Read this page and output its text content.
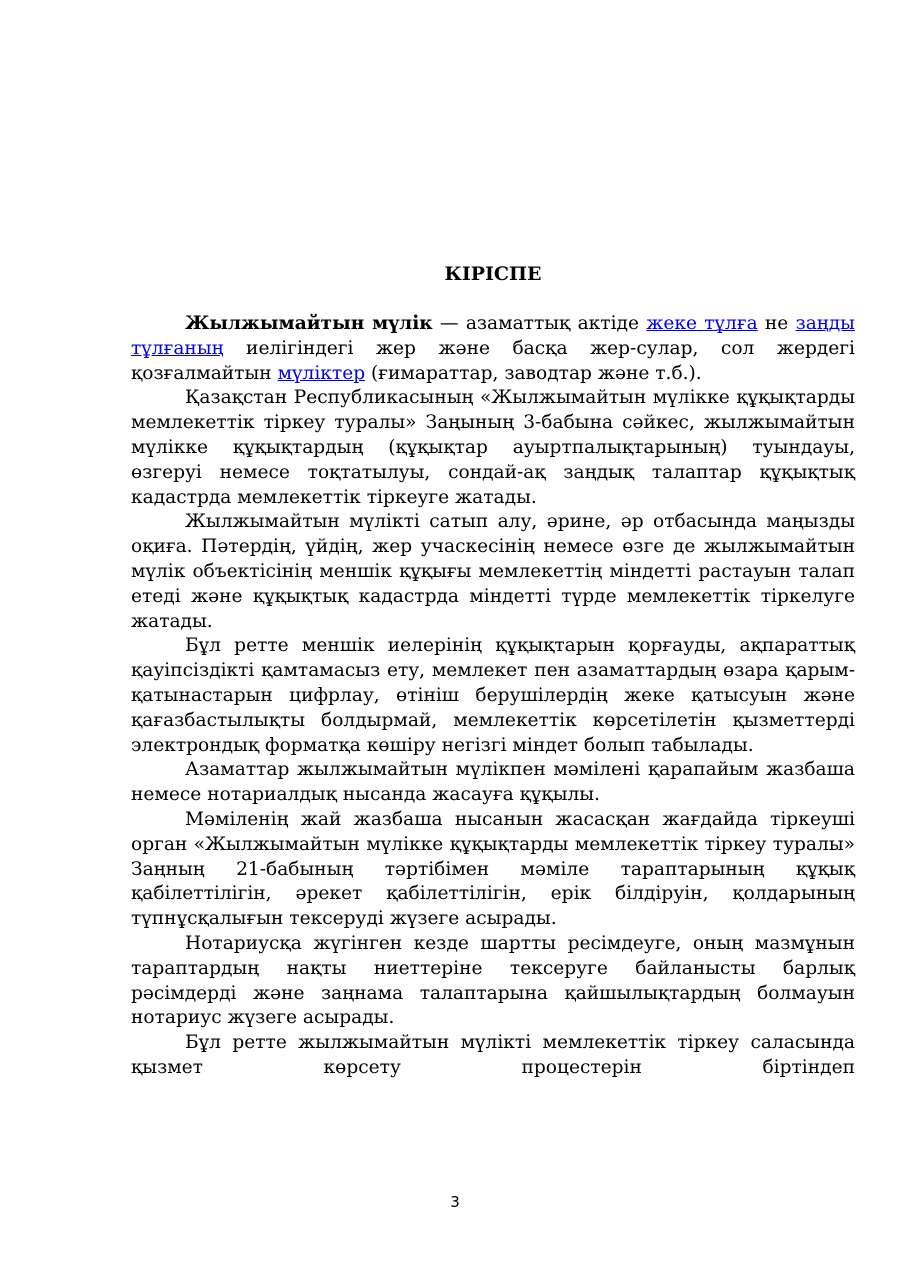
КІРІСПЕ

Жылжымайтын мүлік — азаматтық актіде жеке тұлға не заңды тұлғаның иелігіндегі жер және басқа жер-сулар, сол жердегі қозғалмайтын мүліктер (ғимараттар, заводтар және т.б.).

Қазақстан Республикасының «Жылжымайтын мүлікке құқықтарды мемлекеттік тіркеу туралы» Заңының 3-бабына сәйкес, жылжымайтын мүлікке құқықтардың (құқықтар ауыртпалықтарының) туындауы, өзгеруі немесе тоқтатылуы, сондай-ақ заңдық талаптар құқықтық кадастрда мемлекеттік тіркеуге жатады.

Жылжымайтын мүлікті сатып алу, әрине, әр отбасында маңызды оқиға. Пәтердің, үйдің, жер учаскесінің немесе өзге де жылжымайтын мүлік объектісінің меншік құқығы мемлекеттің міндетті растауын талап етеді және құқықтық кадастрда міндетті түрде мемлекеттік тіркелуге жатады.

Бұл ретте меншік иелерінің құқықтарын қорғауды, ақпараттық қауіпсіздікті қамтамасыз ету, мемлекет пен азаматтардың өзара қарым-қатынастарын цифрлау, өтініш берушілердің жеке қатысуын және қағазбастылықты болдырмай, мемлекеттік көрсетілетін қызметтерді электрондық форматқа көшіру негізгі міндет болып табылады.

Азаматтар жылжымайтын мүлікпен мәмілені қарапайым жазбаша немесе нотариалдық нысанда жасауға құқылы.

Мәміленің жай жазбаша нысанын жасасқан жағдайда тіркеуші орган «Жылжымайтын мүлікке құқықтарды мемлекеттік тіркеу туралы» Заңның 21-бабының тәртібімен мәміле тараптарының құқық қабілеттілігін, әрекет қабілеттілігін, ерік білдіруін, қолдарының түпнұсқалығын тексеруді жүзеге асырады.

Нотариусқа жүгінген кезде шартты ресімдеуге, оның мазмұнын тараптардың нақты ниеттеріне тексеруге байланысты барлық рәсімдерді және заңнама талаптарына қайшылықтардың болмауын нотариус жүзеге асырады.

Бұл ретте жылжымайтын мүлікті мемлекеттік тіркеу саласында қызмет көрсету процестерін біртіндеп

3
